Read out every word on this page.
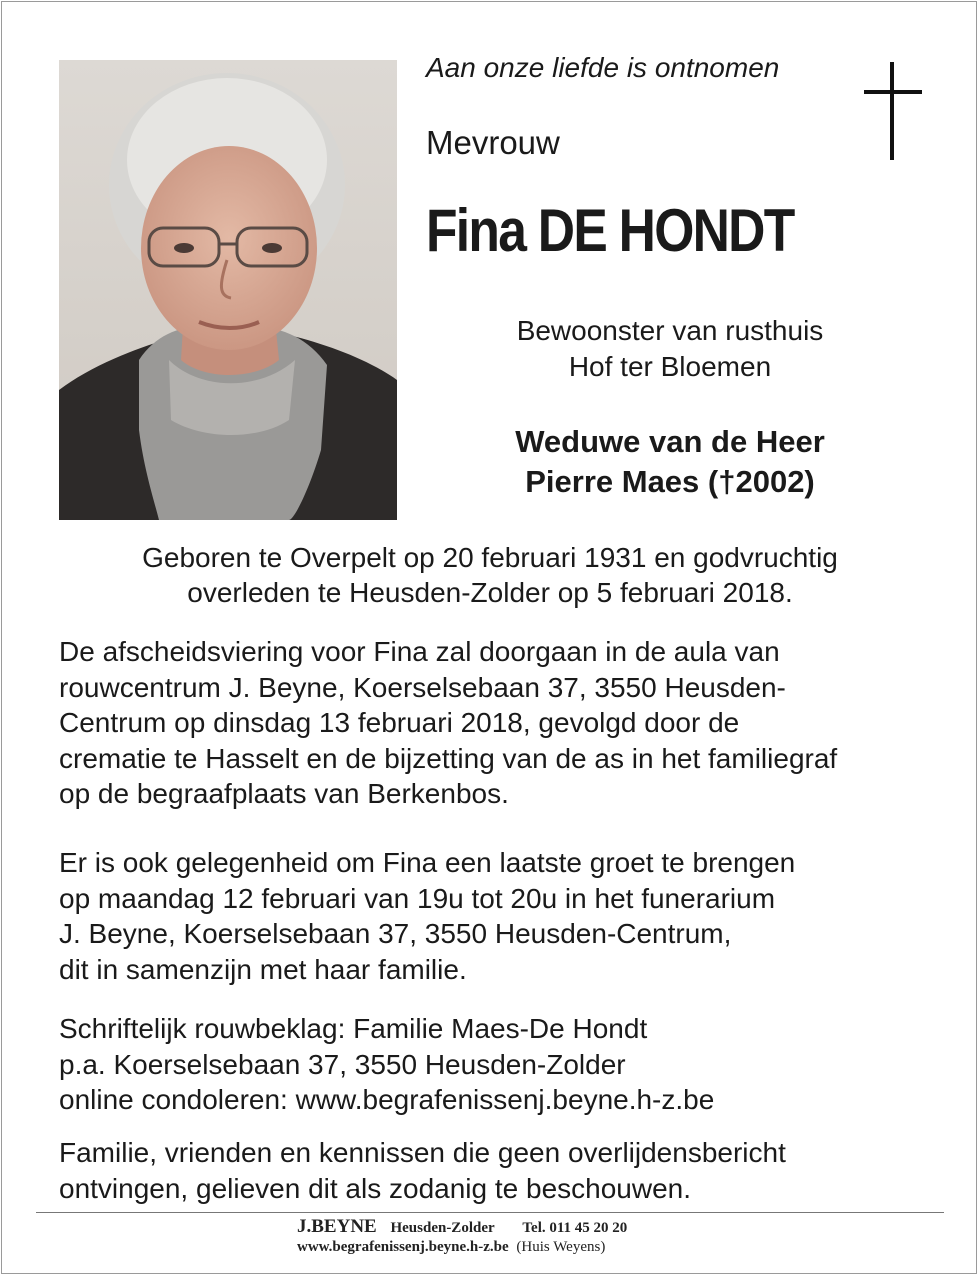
Aan onze liefde is ontnomen
Mevrouw
Fina DE HONDT
Bewoonster van rusthuis
Hof ter Bloemen
Weduwe van de Heer
Pierre Maes (†2002)
Geboren te Overpelt op 20 februari 1931 en godvruchtig
overleden te Heusden-Zolder op 5 februari 2018.
De afscheidsviering voor Fina zal doorgaan in de aula van
rouwcentrum J. Beyne, Koerselsebaan 37, 3550 Heusden-
Centrum op dinsdag 13 februari 2018, gevolgd door de
crematie te Hasselt en de bijzetting van de as in het familiegraf
op de begraafplaats van Berkenbos.
Er is ook gelegenheid om Fina een laatste groet te brengen
op maandag 12 februari van 19u tot 20u in het funerarium
J. Beyne, Koerselsebaan 37, 3550 Heusden-Centrum,
dit in samenzijn met haar familie.
Schriftelijk rouwbeklag: Familie Maes-De Hondt
p.a. Koerselsebaan 37, 3550 Heusden-Zolder
online condoleren: www.begrafenissenj.beyne.h-z.be
Familie, vrienden en kennissen die geen overlijdensbericht
ontvingen, gelieven dit als zodanig te beschouwen.
J.BEYNE Heusden-Zolder Tel. 011 45 20 20
www.begrafenissenj.beyne.h-z.be (Huis Weyens)
